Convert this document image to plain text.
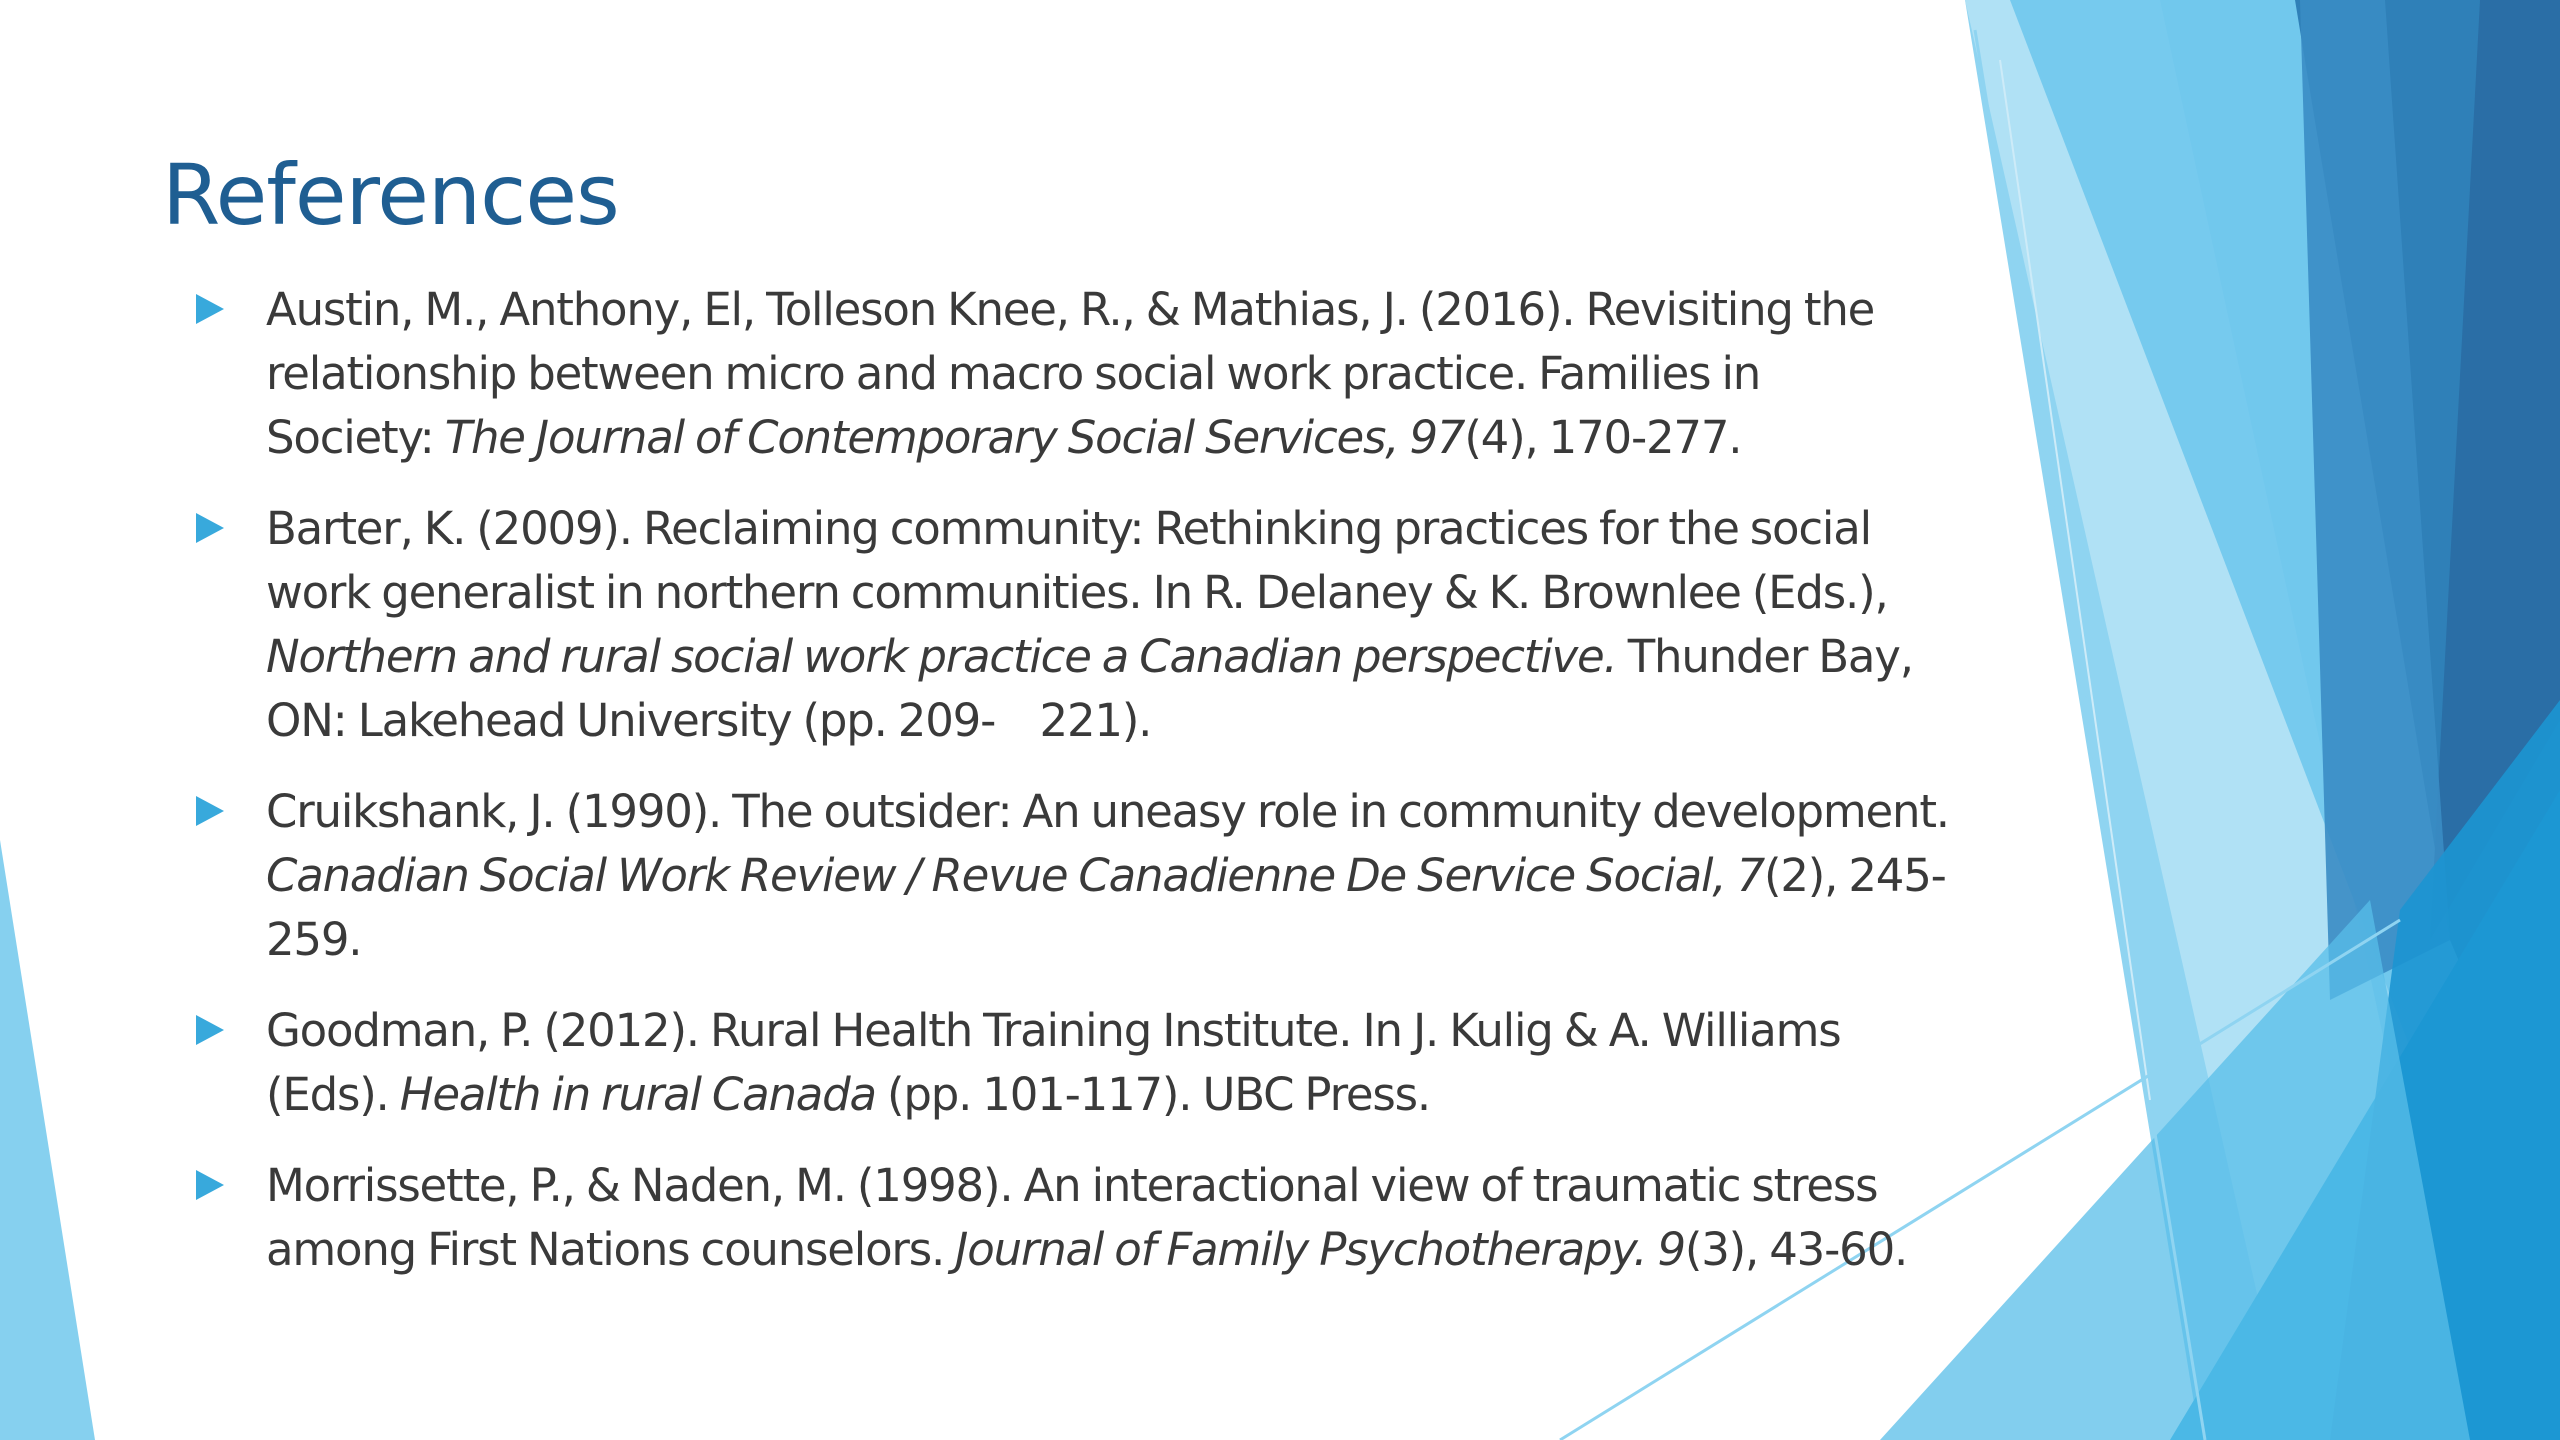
References
Austin, M., Anthony, El, Tolleson Knee, R., & Mathias, J. (2016). Revisiting the
relationship between micro and macro social work practice. Families in
Society: The Journal of Contemporary Social Services, 97(4), 170-277.
Barter, K. (2009). Reclaiming community: Rethinking practices for the social
work generalist in northern communities. In R. Delaney & K. Brownlee (Eds.),
Northern and rural social work practice a Canadian perspective. Thunder Bay,
ON: Lakehead University (pp. 209-    221).
Cruikshank, J. (1990). The outsider: An uneasy role in community development.
Canadian Social Work Review / Revue Canadienne De Service Social, 7(2), 245-
259.
Goodman, P. (2012). Rural Health Training Institute. In J. Kulig & A. Williams
(Eds). Health in rural Canada (pp. 101-117). UBC Press.
Morrissette, P., & Naden, M. (1998). An interactional view of traumatic stress
among First Nations counselors. Journal of Family Psychotherapy. 9(3), 43-60.
